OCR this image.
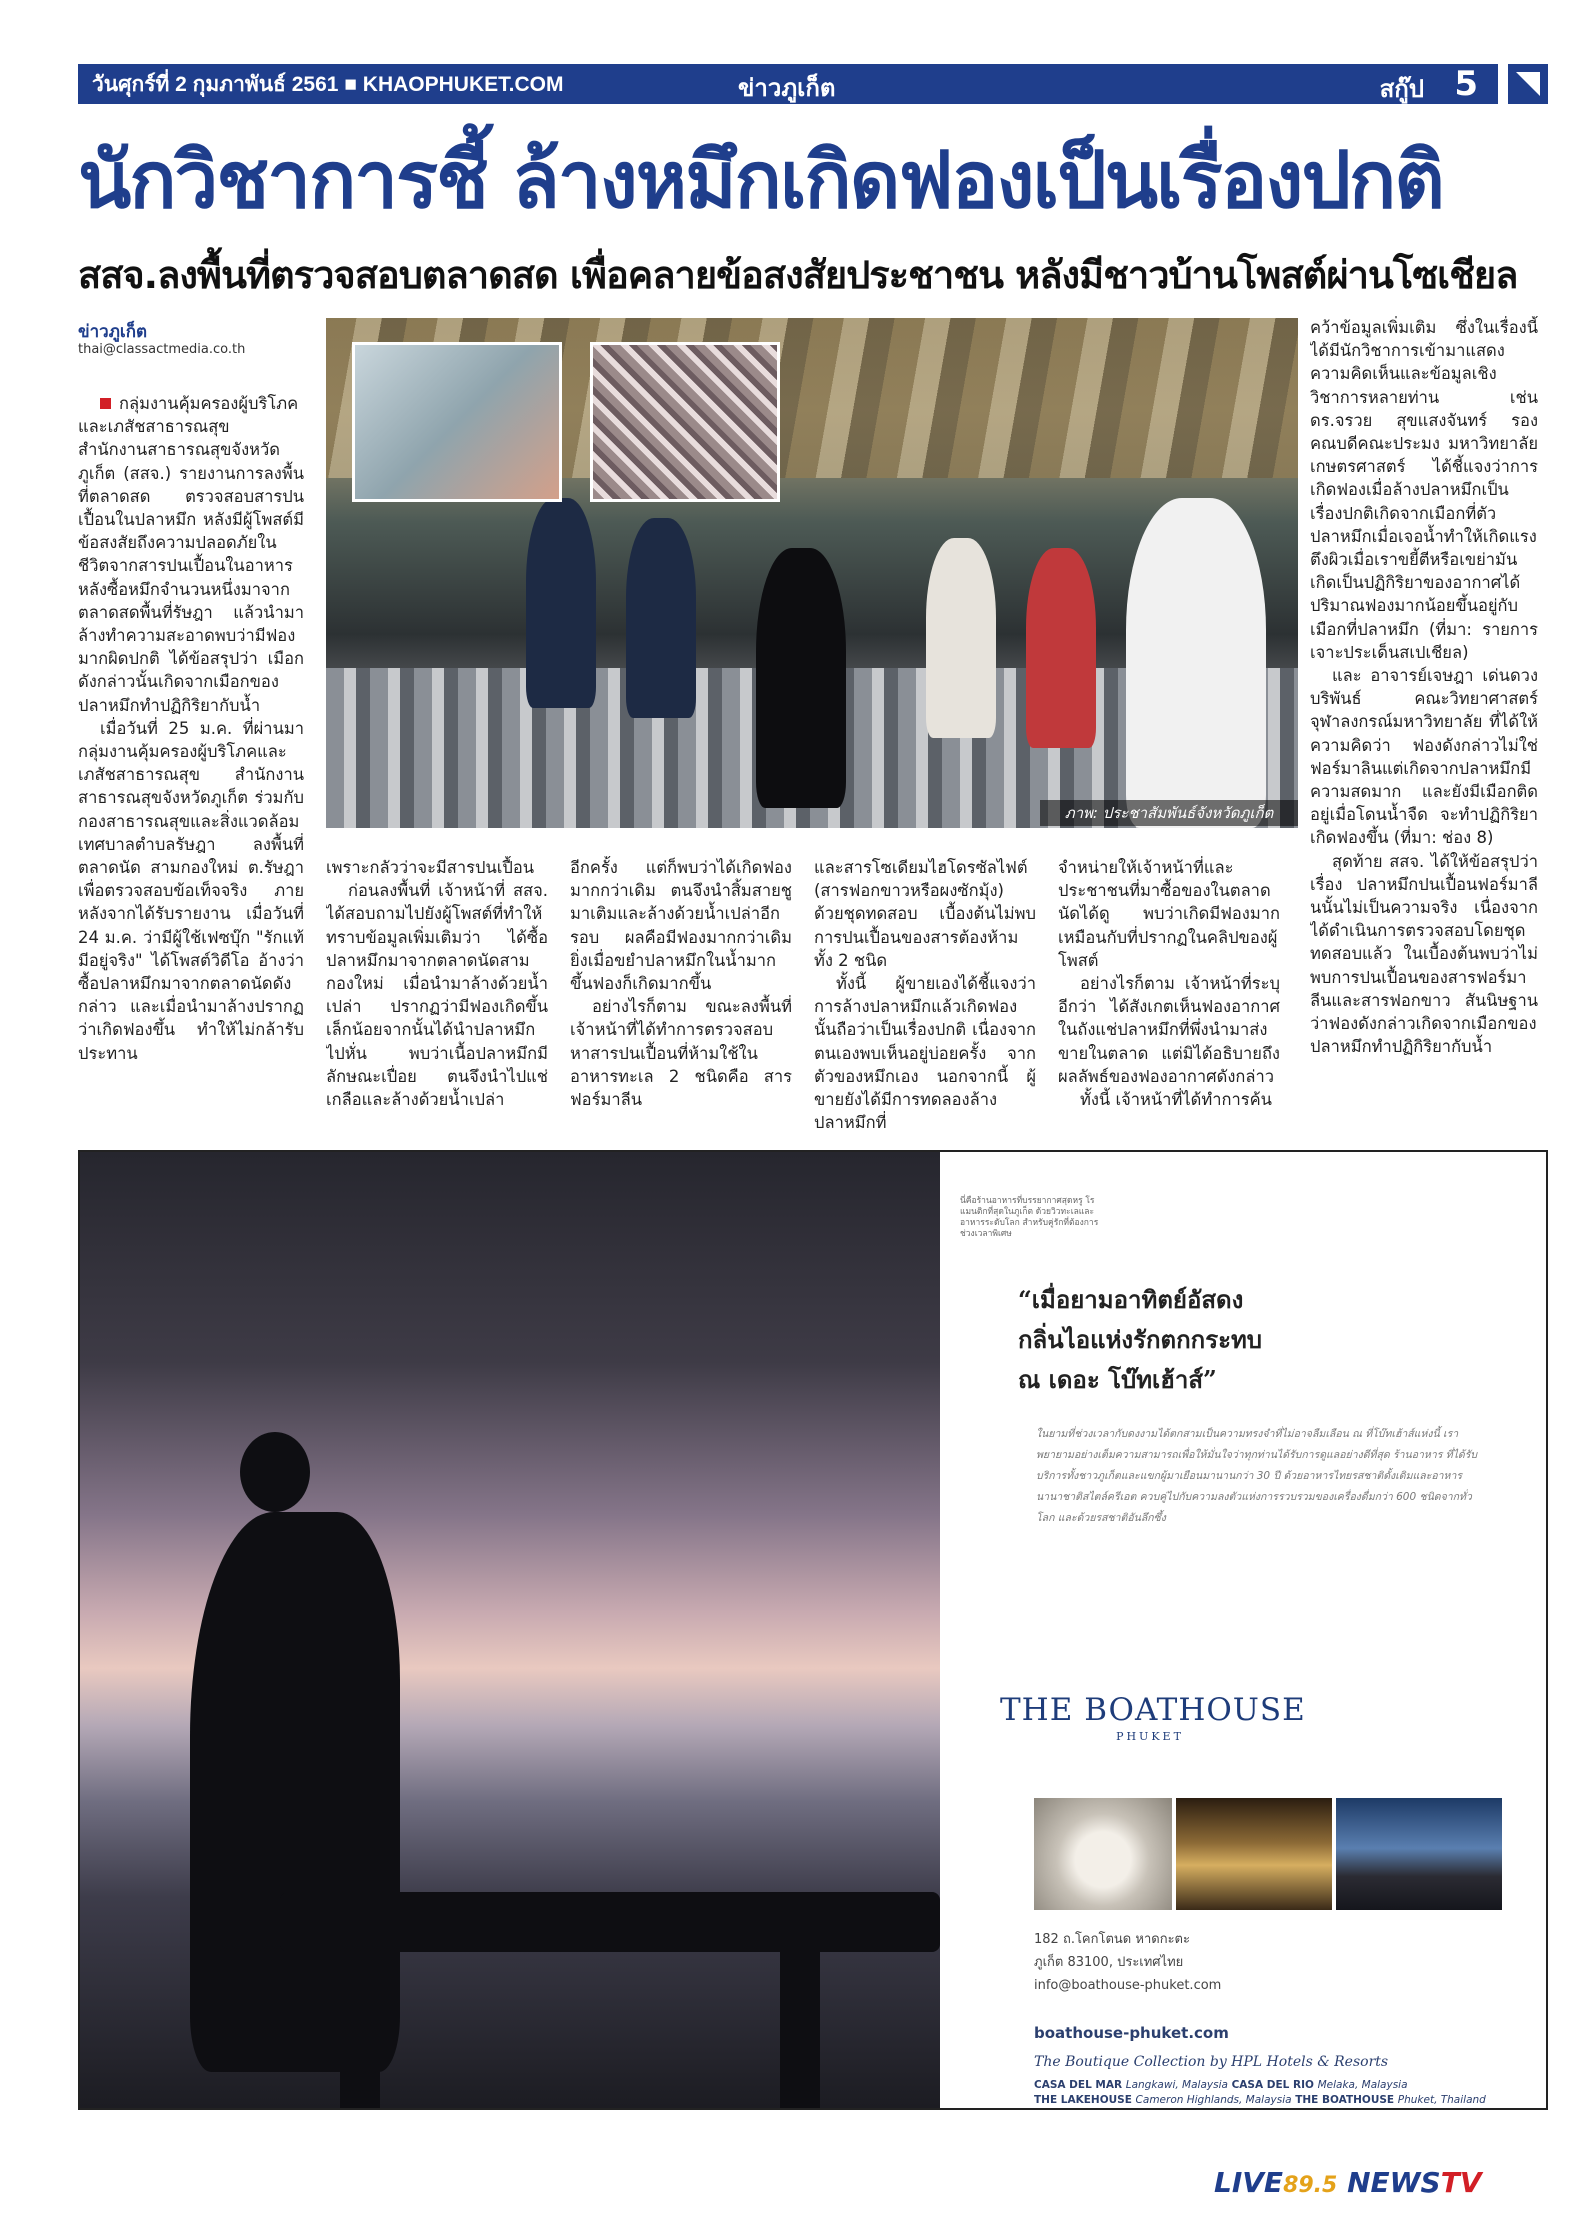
วันศุกร์ที่ 2 กุมภาพันธ์ 2561 ■ KHAOPHUKET.COM	ข่าวภูเก็ต	สกู๊ป 5
นักวิชาการชี้ ล้างหมึกเกิดฟองเป็นเรื่องปกติ
สสจ.ลงพื้นที่ตรวจสอบตลาดสด เพื่อคลายข้อสงสัยประชาชน หลังมีชาวบ้านโพสต์ผ่านโซเชียล
ข่าวภูเก็ต
thai@classactmedia.co.th

กลุ่มงานคุ้มครองผู้บริโภคและเภสัชสาธารณสุข สำนักงานสาธารณสุขจังหวัดภูเก็ต (สสจ.) รายงานการลงพื้นที่ตลาดสด ตรวจสอบสารปนเปื้อนในปลาหมึก หลังมีผู้โพสต์มีข้อสงสัยถึงความปลอดภัยในชีวิตจากสารปนเปื้อนในอาหาร หลังซื้อหมึกจำนวนหนึ่งมาจากตลาดสดพื้นที่รัษฎา แล้วนำมาล้างทำความสะอาดพบว่ามีฟองมากผิดปกติ ได้ข้อสรุปว่า เมือกดังกล่าวนั้นเกิดจากเมือกของปลาหมึกทำปฏิกิริยากับน้ำ

เมื่อวันที่ 25 ม.ค. ที่ผ่านมา กลุ่มงานคุ้มครองผู้บริโภคและเภสัชสาธารณสุข สำนักงานสาธารณสุขจังหวัดภูเก็ต ร่วมกับกองสาธารณสุขและสิ่งแวดล้อม เทศบาลตำบลรัษฎา ลงพื้นที่ตลาดนัด สามกองใหม่ ต.รัษฎา เพื่อตรวจสอบข้อเท็จจริง ภายหลังจากได้รับรายงาน เมื่อวันที่ 24 ม.ค. ว่ามีผู้ใช้เฟซบุ๊ก "รักแท้มีอยู่จริง" ได้โพสต์วิดีโอ อ้างว่าซื้อปลาหมึกมาจากตลาดนัดดังกล่าว และเมื่อนำมาล้างปรากฏว่าเกิดฟองขึ้น ทำให้ไม่กล้ารับประทาน

ภาพ: ประชาสัมพันธ์จังหวัดภูเก็ต

เพราะกลัวว่าจะมีสารปนเปื้อน

ก่อนลงพื้นที่ เจ้าหน้าที่ สสจ. ได้สอบถามไปยังผู้โพสต์ที่ทำให้ทราบข้อมูลเพิ่มเติมว่า ได้ซื้อปลาหมึกมาจากตลาดนัดสามกองใหม่ เมื่อนำมาล้างด้วยน้ำเปล่า ปรากฏว่ามีฟองเกิดขึ้นเล็กน้อยจากนั้นได้นำปลาหมึกไปหั่น พบว่าเนื้อปลาหมึกมีลักษณะเปื่อย ตนจึงนำไปแช่เกลือและล้างด้วยน้ำเปล่า

อีกครั้ง แต่ก็พบว่าได้เกิดฟองมากกว่าเดิม ตนจึงนำสิ้มสายชูมาเติมและล้างด้วยน้ำเปล่าอีกรอบ ผลคือมีฟองมากกว่าเดิม ยิ่งเมื่อขยำปลาหมึกในน้ำมากขึ้นฟองก็เกิดมากขึ้น

อย่างไรก็ตาม ขณะลงพื้นที่ เจ้าหน้าที่ได้ทำการตรวจสอบหาสารปนเปื้อนที่ห้ามใช้ในอาหารทะเล 2 ชนิดคือ สารฟอร์มาลีน

และสารโซเดียมไฮโดรซัลไฟต์ (สารฟอกขาวหรือผงซักมุ้ง) ด้วยชุดทดสอบ เบื้องต้นไม่พบการปนเปื้อนของสารต้องห้ามทั้ง 2 ชนิด

ทั้งนี้ ผู้ขายเองได้ชี้แจงว่า การล้างปลาหมึกแล้วเกิดฟองนั้นถือว่าเป็นเรื่องปกติ เนื่องจากตนเองพบเห็นอยู่บ่อยครั้ง จากตัวของหมึกเอง นอกจากนี้ ผู้ขายยังได้มีการทดลองล้างปลาหมึกที่

จำหน่ายให้เจ้าหน้าที่และประชาชนที่มาซื้อของในตลาดนัดได้ดู พบว่าเกิดมีฟองมาก เหมือนกับที่ปรากฏในคลิปของผู้โพสต์

อย่างไรก็ตาม เจ้าหน้าที่ระบุอีกว่า ได้สังเกตเห็นฟองอากาศในถังแช่ปลาหมึกที่พึ่งนำมาส่งขายในตลาด แต่มิได้อธิบายถึงผลลัพธ์ของฟองอากาศดังกล่าว

ทั้งนี้ เจ้าหน้าที่ได้ทำการค้น

คว้าข้อมูลเพิ่มเติม ซึ่งในเรื่องนี้ได้มีนักวิชาการเข้ามาแสดงความคิดเห็นและข้อมูลเชิงวิชาการหลายท่าน เช่น ดร.จรวย สุขแสงจันทร์ รองคณบดีคณะประมง มหาวิทยาลัยเกษตรศาสตร์ ได้ชี้แจงว่าการเกิดฟองเมื่อล้างปลาหมึกเป็นเรื่องปกติเกิดจากเมือกที่ตัวปลาหมึกเมื่อเจอน้ำทำให้เกิดแรงตึงผิวเมื่อเราขยี้ตีหรือเขย่ามันเกิดเป็นปฏิกิริยาของอากาศได้ปริมาณฟองมากน้อยขึ้นอยู่กับเมือกที่ปลาหมึก (ที่มา: รายการ เจาะประเด็นสเปเชียล)

และ อาจารย์เจษฎา เด่นดวงบริพันธ์ คณะวิทยาศาสตร์ จุฬาลงกรณ์มหาวิทยาลัย ที่ได้ให้ความคิดว่า ฟองดังกล่าวไม่ใช่ฟอร์มาลินแต่เกิดจากปลาหมึกมีความสดมาก และยังมีเมือกติดอยู่เมื่อโดนน้ำจืด จะทำปฏิกิริยาเกิดฟองขึ้น (ที่มา: ช่อง 8)

สุดท้าย สสจ. ได้ให้ข้อสรุปว่าเรื่อง ปลาหมึกปนเปื้อนฟอร์มาลีนนั้นไม่เป็นความจริง เนื่องจากได้ดำเนินการตรวจสอบโดยชุดทดสอบแล้ว ในเบื้องต้นพบว่าไม่พบการปนเปื้อนของสารฟอร์มาลีนและสารฟอกขาว สันนิษฐานว่าฟองดังกล่าวเกิดจากเมือกของปลาหมึกทำปฏิกิริยากับน้ำ

นี่คือร้านอาหารที่บรรยากาศสุดหรู โรแมนติกที่สุดในภูเก็ต ด้วยวิวทะเลและอาหารระดับโลก สำหรับคู่รักที่ต้องการช่วงเวลาพิเศษ
“เมื่อยามอาทิตย์อัสดง
กลิ่นไอแห่งรักตกกระทบ
ณ เดอะ โบ๊ทเฮ้าส์”
ในยามที่ช่วงเวลากับดงงามได้ตกสามเป็นความทรงจำที่ไม่อาจลืมเลือน ณ ที่โบ๊ทเฮ้าส์แห่งนี้ เราพยายามอย่างเต็มความสามารถเพื่อให้มั่นใจว่าทุกท่านได้รับการดูแลอย่างดีที่สุด ร้านอาหาร ที่ได้รับบริการทั้งชาวภูเก็ตและแขกผู้มาเยือนมานานกว่า 30 ปี ด้วยอาหารไทยรสชาติดั้งเดิมและอาหารนานาชาติสไตล์ครีเอต ควบคู่ไปกับความลงตัวแห่งการรวบรวมของเครื่องดื่มกว่า 600 ชนิดจากทั่วโลก และด้วยรสชาติอันลึกซึ้ง
THE BOATHOUSE
PHUKET
182 ถ.โคกโตนด หาดกะตะ
ภูเก็ต 83100, ประเทศไทย
info@boathouse-phuket.com
boathouse-phuket.com
The Boutique Collection by HPL Hotels & Resorts
CASA DEL MAR Langkawi, Malaysia CASA DEL RIO Melaka, Malaysia
THE LAKEHOUSE Cameron Highlands, Malaysia THE BOATHOUSE Phuket, Thailand
LIVE89.5 NEWSTV
